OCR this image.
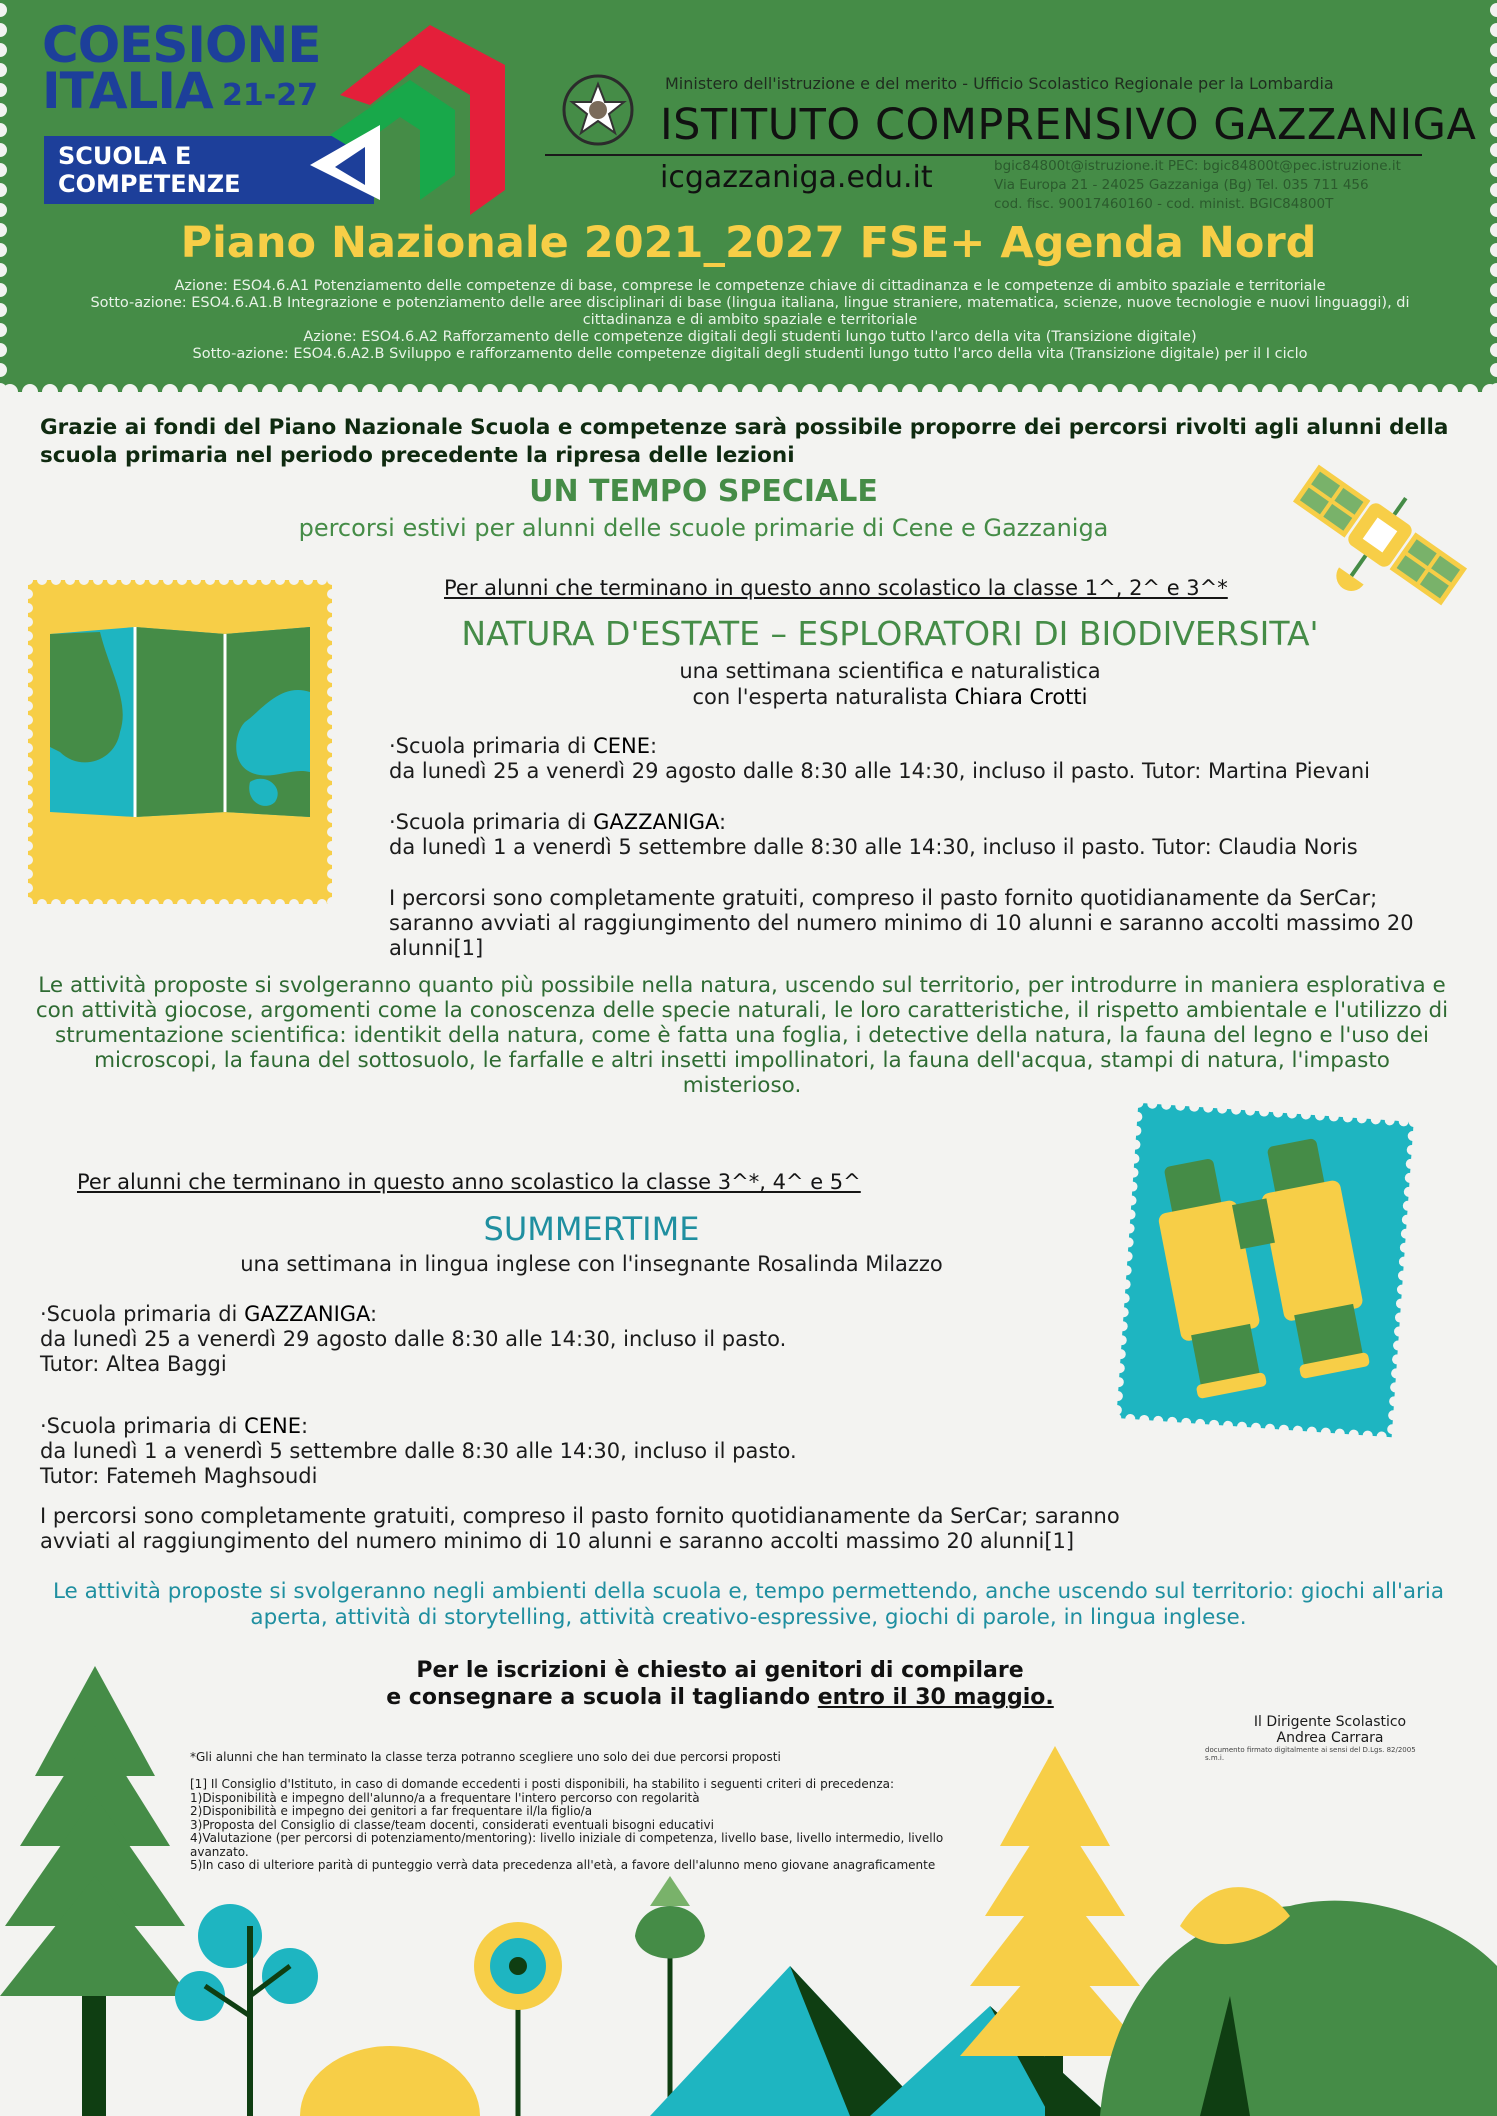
COESIONE
ITALIA 21-27
SCUOLA E
COMPETENZE
Ministero dell'istruzione e del merito - Ufficio Scolastico Regionale per la Lombardia
ISTITUTO COMPRENSIVO GAZZANIGA
icgazzaniga.edu.it	bgic84800t@istruzione.it PEC: bgic84800t@pec.istruzione.it
Via Europa 21 - 24025 Gazzaniga (Bg) Tel. 035 711 456
cod. fisc. 90017460160 - cod. minist. BGIC84800T
Piano Nazionale 2021_2027 FSE+ Agenda Nord
Azione: ESO4.6.A1 Potenziamento delle competenze di base, comprese le competenze chiave di cittadinanza e le competenze di ambito spaziale e territoriale
Sotto-azione: ESO4.6.A1.B Integrazione e potenziamento delle aree disciplinari di base (lingua italiana, lingue straniere, matematica, scienze, nuove tecnologie e nuovi linguaggi), di cittadinanza e di ambito spaziale e territoriale
Azione: ESO4.6.A2 Rafforzamento delle competenze digitali degli studenti lungo tutto l'arco della vita (Transizione digitale)
Sotto-azione: ESO4.6.A2.B Sviluppo e rafforzamento delle competenze digitali degli studenti lungo tutto l'arco della vita (Transizione digitale) per il I ciclo
Grazie ai fondi del Piano Nazionale Scuola e competenze sarà possibile proporre dei percorsi rivolti agli alunni della scuola primaria nel periodo precedente la ripresa delle lezioni
UN TEMPO SPECIALE
percorsi estivi per alunni delle scuole primarie di Cene e Gazzaniga
Per alunni che terminano in questo anno scolastico la classe 1^, 2^ e 3^*
NATURA D'ESTATE – ESPLORATORI DI BIODIVERSITA'
una settimana scientifica e naturalistica
con l'esperta naturalista Chiara Crotti
·Scuola primaria di CENE:
da lunedì 25 a venerdì 29 agosto dalle 8:30 alle 14:30, incluso il pasto. Tutor: Martina Pievani
·Scuola primaria di GAZZANIGA:
da lunedì 1 a venerdì 5 settembre dalle 8:30 alle 14:30, incluso il pasto. Tutor: Claudia Noris
I percorsi sono completamente gratuiti, compreso il pasto fornito quotidianamente da SerCar; saranno avviati al raggiungimento del numero minimo di 10 alunni e saranno accolti massimo 20 alunni[1]
Le attività proposte si svolgeranno quanto più possibile nella natura, uscendo sul territorio, per introdurre in maniera esplorativa e con attività giocose, argomenti come la conoscenza delle specie naturali, le loro caratteristiche, il rispetto ambientale e l'utilizzo di strumentazione scientifica: identikit della natura, come è fatta una foglia, i detective della natura, la fauna del legno e l'uso dei microscopi, la fauna del sottosuolo, le farfalle e altri insetti impollinatori, la fauna dell'acqua, stampi di natura, l'impasto misterioso.
Per alunni che terminano in questo anno scolastico la classe 3^*, 4^ e 5^
SUMMERTIME
una settimana in lingua inglese con l'insegnante Rosalinda Milazzo
·Scuola primaria di GAZZANIGA:
da lunedì 25 a venerdì 29 agosto dalle 8:30 alle 14:30, incluso il pasto.
Tutor: Altea Baggi
·Scuola primaria di CENE:
da lunedì 1 a venerdì 5 settembre dalle 8:30 alle 14:30, incluso il pasto.
Tutor: Fatemeh Maghsoudi
I percorsi sono completamente gratuiti, compreso il pasto fornito quotidianamente da SerCar; saranno avviati al raggiungimento del numero minimo di 10 alunni e saranno accolti massimo 20 alunni[1]
Le attività proposte si svolgeranno negli ambienti della scuola e, tempo permettendo, anche uscendo sul territorio: giochi all'aria aperta, attività di storytelling, attività creativo-espressive, giochi di parole, in lingua inglese.
Per le iscrizioni è chiesto ai genitori di compilare
e consegnare a scuola il tagliando entro il 30 maggio.
Il Dirigente Scolastico
Andrea Carrara
documento firmato digitalmente ai sensi del D.Lgs. 82/2005 s.m.i.
*Gli alunni che han terminato la classe terza potranno scegliere uno solo dei due percorsi proposti
[1] Il Consiglio d'Istituto, in caso di domande eccedenti i posti disponibili, ha stabilito i seguenti criteri di precedenza:
1)Disponibilità e impegno dell'alunno/a a frequentare l'intero percorso con regolarità
2)Disponibilità e impegno dei genitori a far frequentare il/la figlio/a
3)Proposta del Consiglio di classe/team docenti, considerati eventuali bisogni educativi
4)Valutazione (per percorsi di potenziamento/mentoring): livello iniziale di competenza, livello base, livello intermedio, livello avanzato.
5)In caso di ulteriore parità di punteggio verrà data precedenza all'età, a favore dell'alunno meno giovane anagraficamente
